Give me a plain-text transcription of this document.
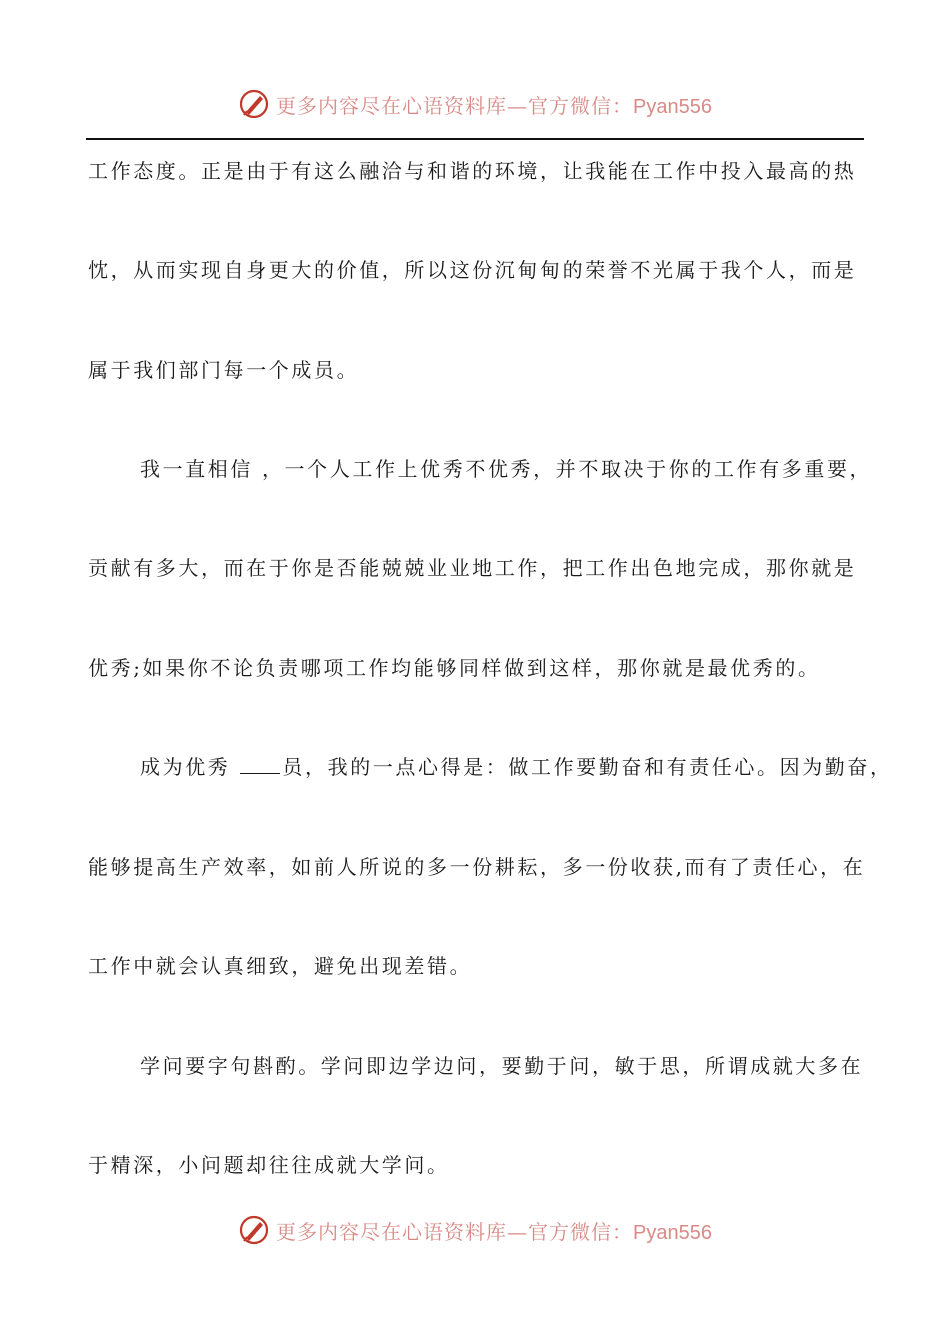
更多内容尽在心语资料库—官方微信：Pyan556
工作态度。正是由于有这么融洽与和谐的环境，让我能在工作中投入最高的热
忱，从而实现自身更大的价值，所以这份沉甸甸的荣誉不光属于我个人，而是
属于我们部门每一个成员。
我一直相信 ，一个人工作上优秀不优秀，并不取决于你的工作有多重要，
贡献有多大，而在于你是否能兢兢业业地工作，把工作出色地完成，那你就是
优秀;如果你不论负责哪项工作均能够同样做到这样，那你就是最优秀的。
成为优秀	员，我的一点心得是：做工作要勤奋和有责任心。因为勤奋，
能够提高生产效率，如前人所说的多一份耕耘，多一份收获,而有了责任心，在
工作中就会认真细致，避免出现差错。
学问要字句斟酌。学问即边学边问，要勤于问，敏于思，所谓成就大多在
于精深，小问题却往往成就大学问。
更多内容尽在心语资料库—官方微信：Pyan556
